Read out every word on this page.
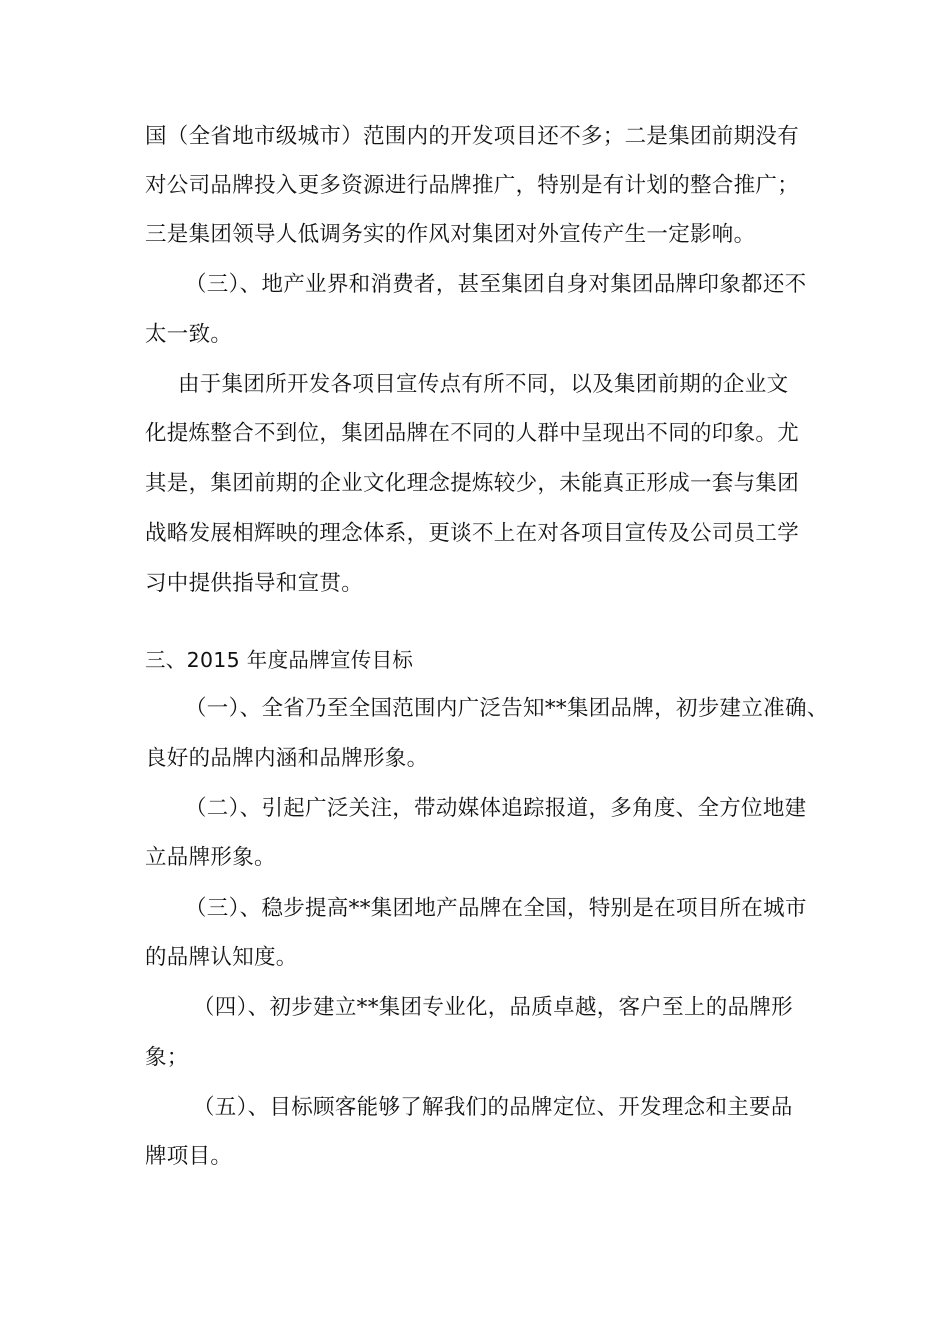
国（全省地市级城市）范围内的开发项目还不多；二是集团前期没有
对公司品牌投入更多资源进行品牌推广，特别是有计划的整合推广；
三是集团领导人低调务实的作风对集团对外宣传产生一定影响。
（三）、地产业界和消费者，甚至集团自身对集团品牌印象都还不
太一致。
由于集团所开发各项目宣传点有所不同，以及集团前期的企业文
化提炼整合不到位，集团品牌在不同的人群中呈现出不同的印象。尤
其是，集团前期的企业文化理念提炼较少，未能真正形成一套与集团
战略发展相辉映的理念体系，更谈不上在对各项目宣传及公司员工学
习中提供指导和宣贯。
三、2015 年度品牌宣传目标
（一）、全省乃至全国范围内广泛告知**集团品牌，初步建立准确、
良好的品牌内涵和品牌形象。
（二）、引起广泛关注，带动媒体追踪报道，多角度、全方位地建
立品牌形象。
（三）、稳步提高**集团地产品牌在全国，特别是在项目所在城市
的品牌认知度。
（四）、初步建立**集团专业化，品质卓越，客户至上的品牌形
象；
（五）、目标顾客能够了解我们的品牌定位、开发理念和主要品
牌项目。
